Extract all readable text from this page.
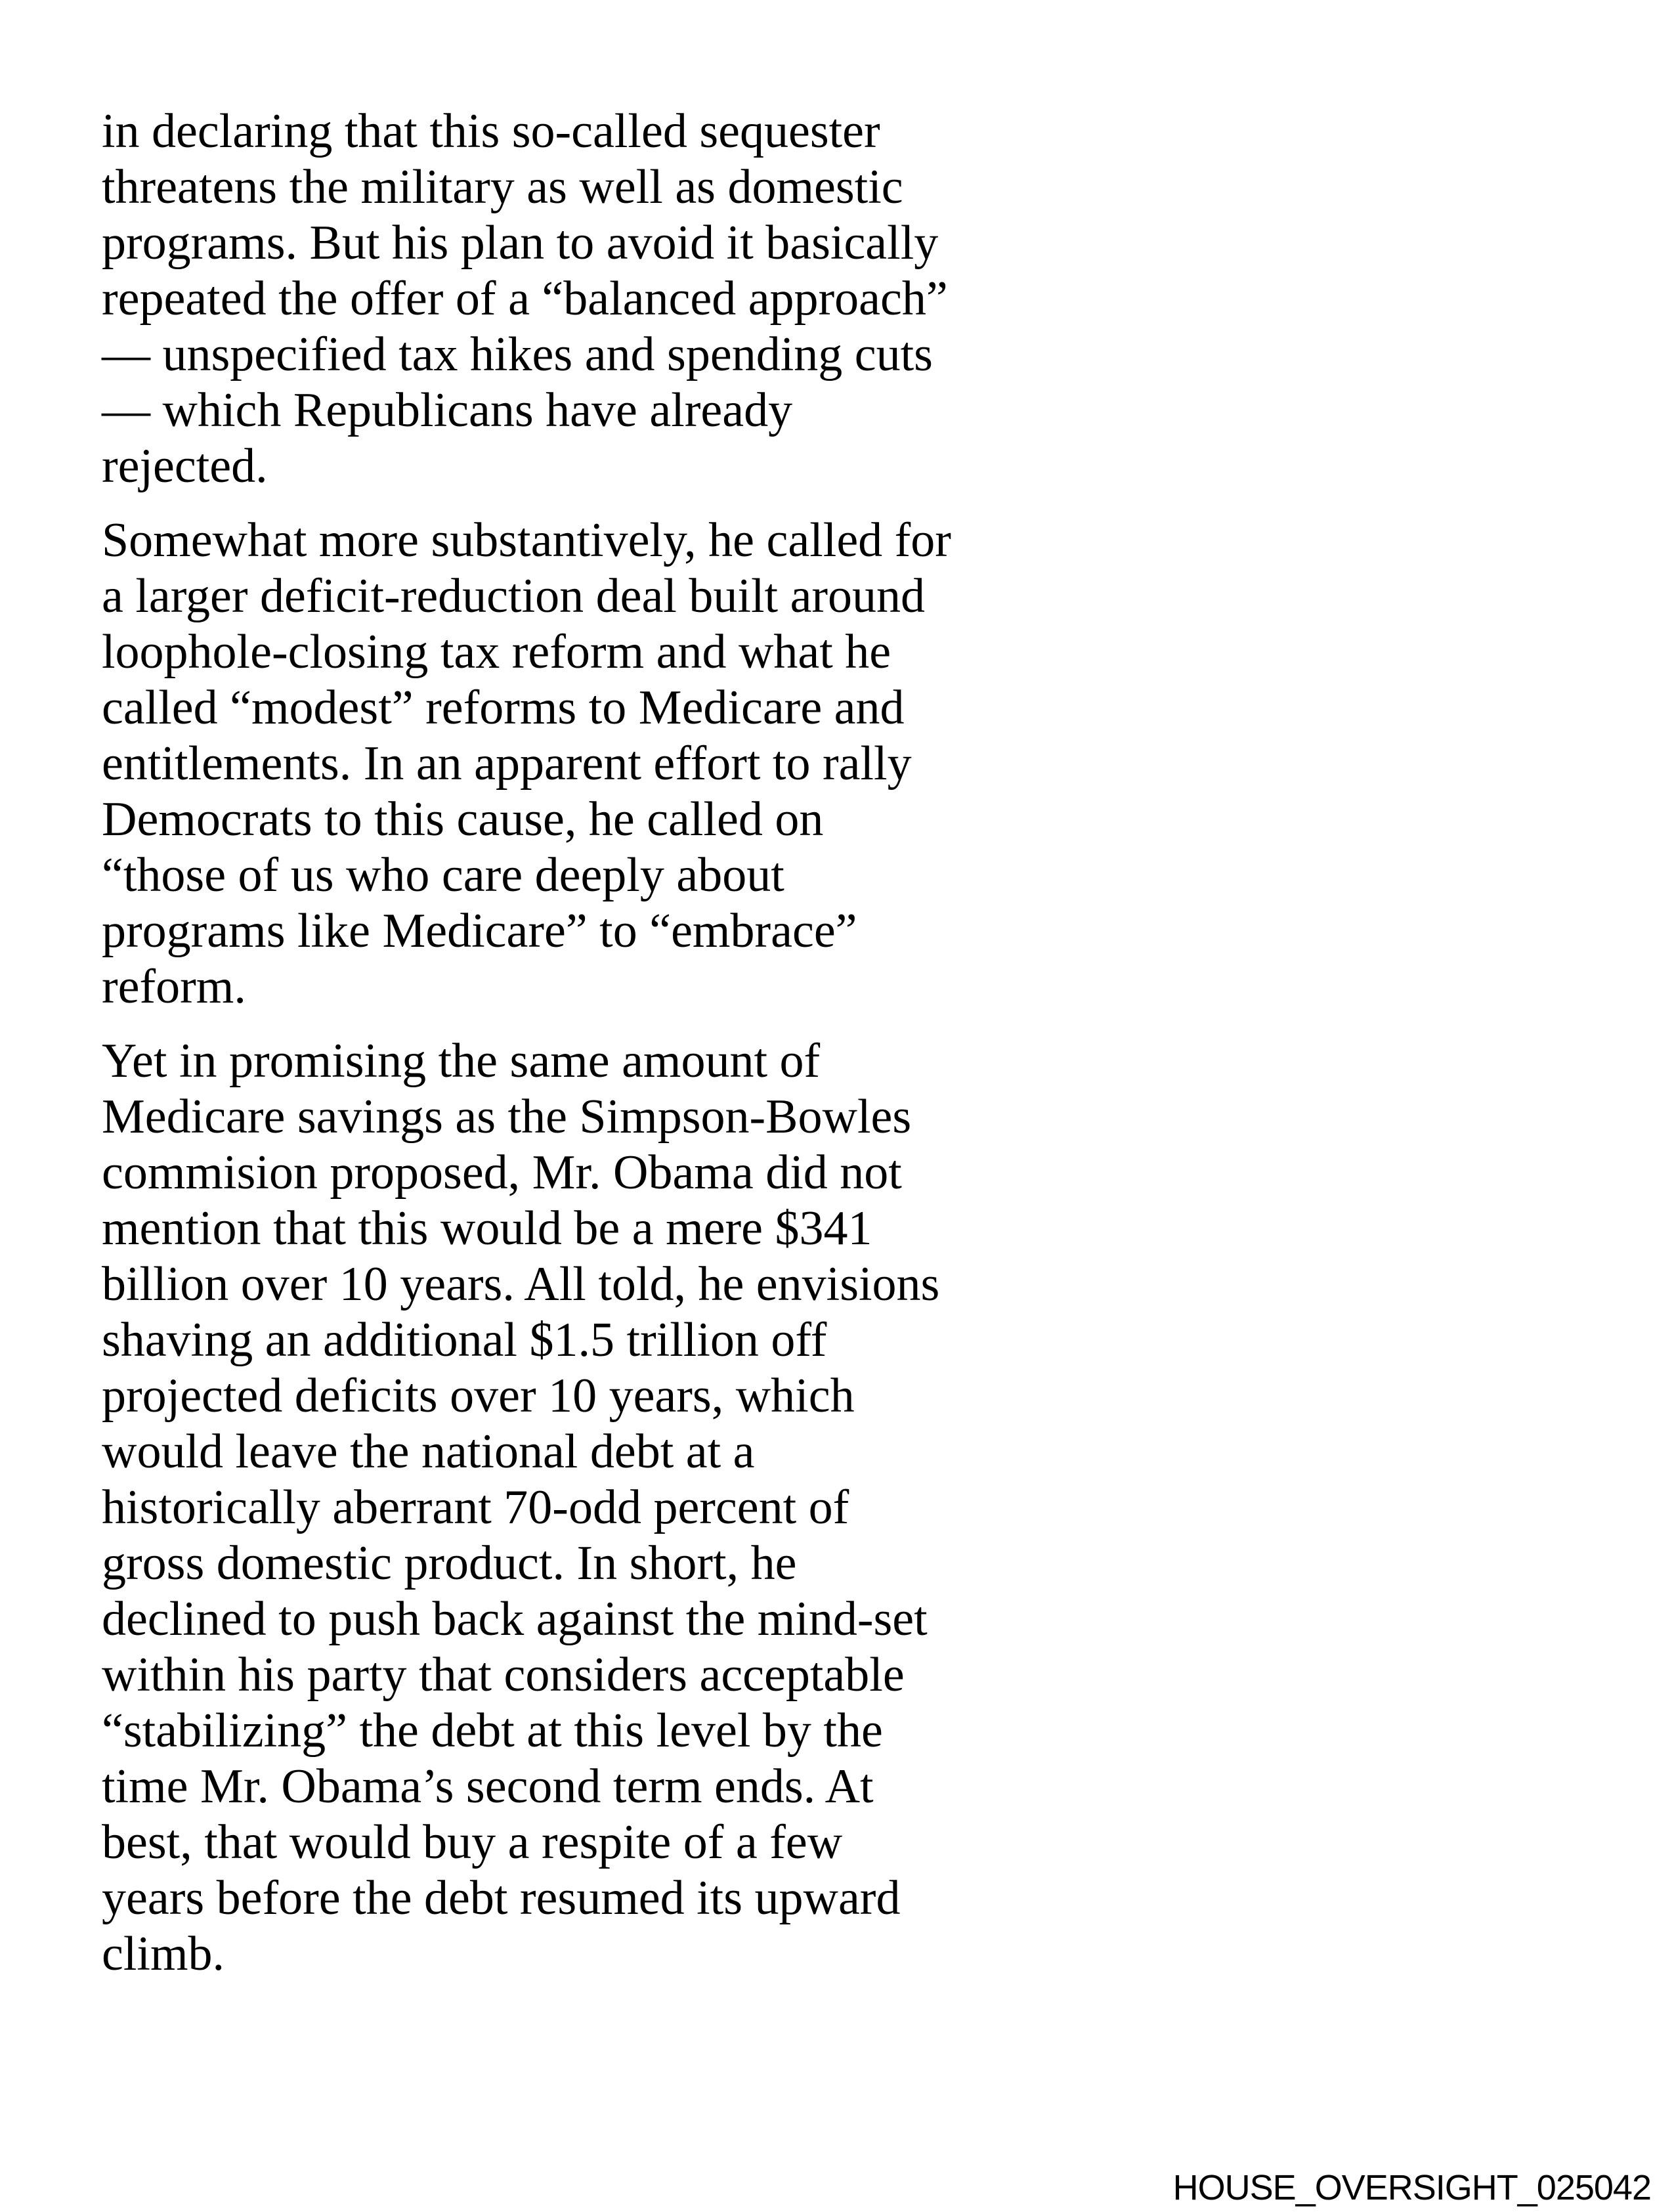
in declaring that this so-called sequester
threatens the military as well as domestic
programs. But his plan to avoid it basically
repeated the offer of a “balanced approach”
— unspecified tax hikes and spending cuts
— which Republicans have already
rejected.
Somewhat more substantively, he called for
a larger deficit-reduction deal built around
loophole-closing tax reform and what he
called “modest” reforms to Medicare and
entitlements. In an apparent effort to rally
Democrats to this cause, he called on
“those of us who care deeply about
programs like Medicare” to “embrace”
reform.
Yet in promising the same amount of
Medicare savings as the Simpson-Bowles
commision proposed, Mr. Obama did not
mention that this would be a mere $341
billion over 10 years. All told, he envisions
shaving an additional $1.5 trillion off
projected deficits over 10 years, which
would leave the national debt at a
historically aberrant 70-odd percent of
gross domestic product. In short, he
declined to push back against the mind-set
within his party that considers acceptable
“stabilizing” the debt at this level by the
time Mr. Obama’s second term ends. At
best, that would buy a respite of a few
years before the debt resumed its upward
climb.
HOUSE_OVERSIGHT_025042
